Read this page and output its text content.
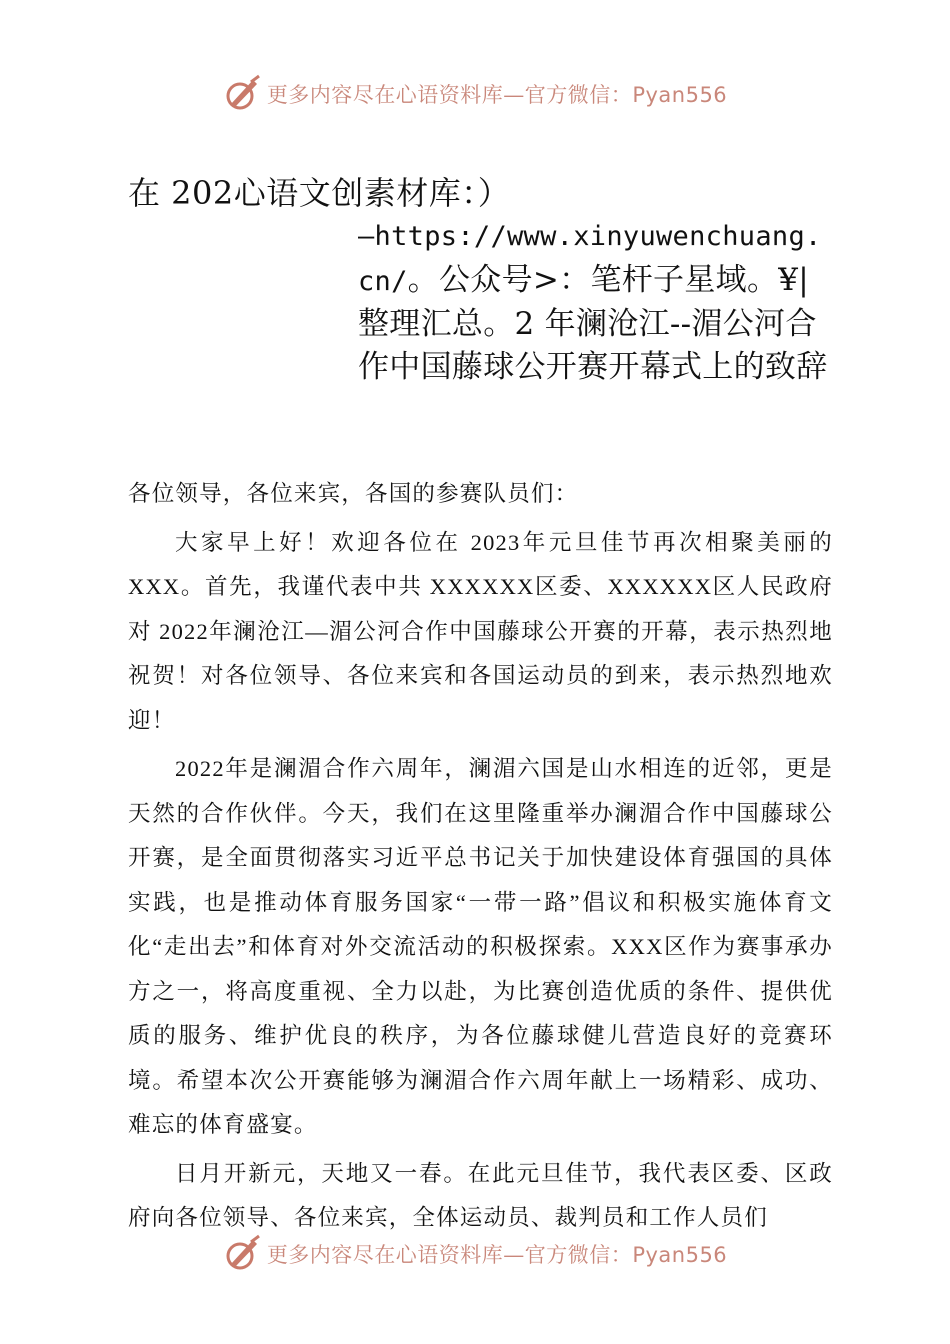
更多内容尽在心语资料库—官方微信：Pyan556
在 202心语文创素材库：）
—https://www.xinyuwenchuang.cn/。公众号>：笔杆子星域。¥|整理汇总。2 年澜沧江--湄公河合作中国藤球公开赛开幕式上的致辞

各位领导，各位来宾，各国的参赛队员们：

大家早上好！欢迎各位在 2023年元旦佳节再次相聚美丽的XXX。首先，我谨代表中共 XXXXXX区委、XXXXXX区人民政府对 2022年澜沧江—湄公河合作中国藤球公开赛的开幕，表示热烈地祝贺！对各位领导、各位来宾和各国运动员的到来，表示热烈地欢迎！

2022年是澜湄合作六周年，澜湄六国是山水相连的近邻，更是天然的合作伙伴。今天，我们在这里隆重举办澜湄合作中国藤球公开赛，是全面贯彻落实习近平总书记关于加快建设体育强国的具体实践，也是推动体育服务国家“一带一路”倡议和积极实施体育文化“走出去”和体育对外交流活动的积极探索。XXX区作为赛事承办方之一，将高度重视、全力以赴，为比赛创造优质的条件、提供优质的服务、维护优良的秩序，为各位藤球健儿营造良好的竞赛环境。希望本次公开赛能够为澜湄合作六周年献上一场精彩、成功、难忘的体育盛宴。

日月开新元，天地又一春。在此元旦佳节，我代表区委、区政府向各位领导、各位来宾，全体运动员、裁判员和工作人员们

更多内容尽在心语资料库—官方微信：Pyan556
